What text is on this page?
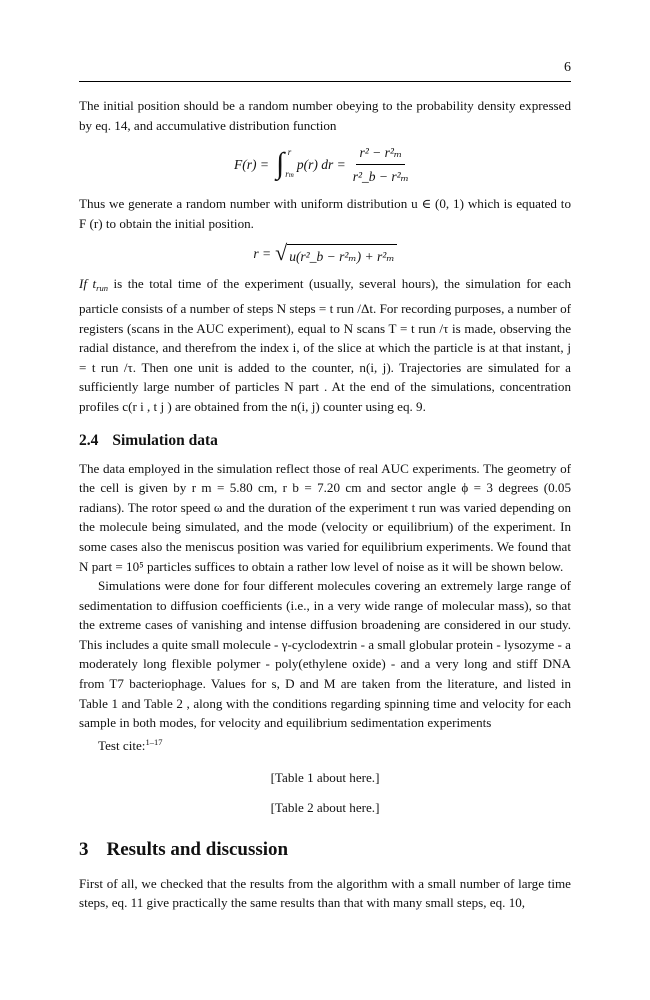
6

The initial position should be a random number obeying to the probability density expressed by eq. 14, and accumulative distribution function

F(r) = ∫ r
rm
p(r) dr = $\frac{\text{r² − r²ₘ}}{\text{r²\_b − r²ₘ}}$

Thus we generate a random number with uniform distribution u ∈ (0, 1) which is equated to F (r) to obtain the initial position.

r = √ u(r²_b − r²ₘ) + r²ₘ

If $t_{run}$ is the total time of the experiment (usually, several hours), the simulation for each particle consists of a number of steps N steps = t run /Δt. For recording purposes, a number of registers (scans in the AUC experiment), equal to N scans T = t run /τ is made, observing the radial distance, and therefrom the index i, of the slice at which the particle is at that instant, j = t run /τ. Then one unit is added to the counter, n(i, j). Trajectories are simulated for a sufficiently large number of particles N part . At the end of the simulations, concentration profiles c(r i , t j ) are obtained from the n(i, j) counter using eq. 9.

2.4 Simulation data

The data employed in the simulation reflect those of real AUC experiments. The geometry of the cell is given by r m = 5.80 cm, r b = 7.20 cm and sector angle ϕ = 3 degrees (0.05 radians). The rotor speed ω and the duration of the experiment t run was varied depending on the molecule being simulated, and the mode (velocity or equilibrium) of the experiment. In some cases also the meniscus position was varied for equilibrium experiments. We found that N part = 10⁵ particles suffices to obtain a rather low level of noise as it will be shown below.

Simulations were done for four different molecules covering an extremely large range of sedimentation to diffusion coefficients (i.e., in a very wide range of molecular mass), so that the extreme cases of vanishing and intense diffusion broadening are considered in our study. This includes a quite small molecule - γ-cyclodextrin - a small globular protein - lysozyme - a moderately long flexible polymer - poly(ethylene oxide) - and a very long and stiff DNA from T7 bacteriophage. Values for s, D and M are taken from the literature, and listed in Table 1 and Table 2 , along with the conditions regarding spinning time and velocity for each sample in both modes, for velocity and equilibrium sedimentation experiments

Test cite:$^{1-17}$

[Table 1 about here.]
[Table 2 about here.]
3 Results and discussion

First of all, we checked that the results from the algorithm with a small number of large time steps, eq. 11 give practically the same results than that with many small steps, eq. 10,
